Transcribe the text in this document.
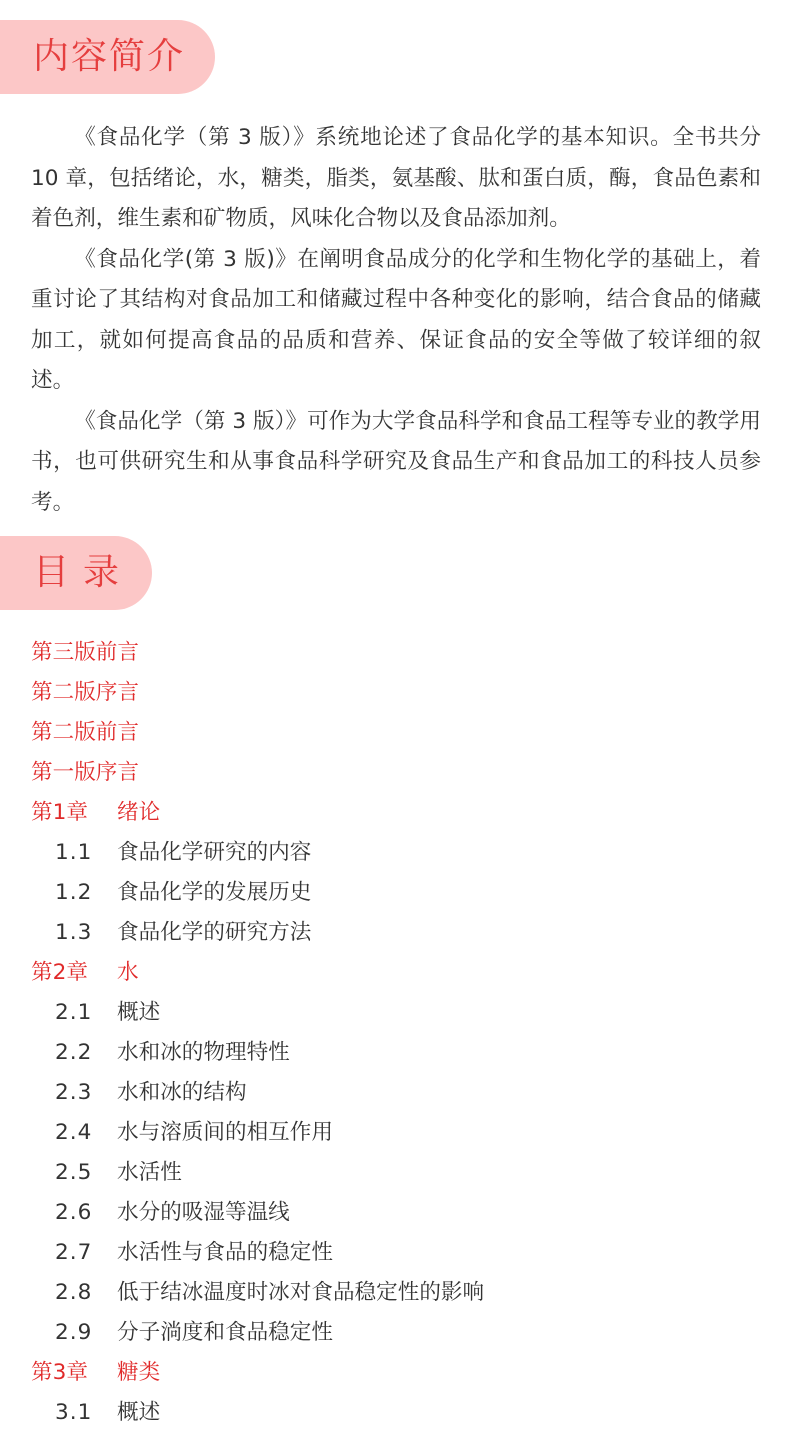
内容简介

《食品化学（第 3 版）》系统地论述了食品化学的基本知识。全书共分 10 章，包括绪论，水，糖类，脂类，氨基酸、肽和蛋白质，酶，食品色素和着色剂，维生素和矿物质，风味化合物以及食品添加剂。

《食品化学(第 3 版)》在阐明食品成分的化学和生物化学的基础上，着重讨论了其结构对食品加工和储藏过程中各种变化的影响，结合食品的储藏加工，就如何提高食品的品质和营养、保证食品的安全等做了较详细的叙述。

《食品化学（第 3 版）》可作为大学食品科学和食品工程等专业的教学用书，也可供研究生和从事食品科学研究及食品生产和食品加工的科技人员参考。

目录
第三版前言
第二版序言
第二版前言
第一版序言
第1章 绪论
1.1 食品化学研究的内容
1.2 食品化学的发展历史
1.3 食品化学的研究方法
第2章 水
2.1 概述
2.2 水和冰的物理特性
2.3 水和冰的结构
2.4 水与溶质间的相互作用
2.5 水活性
2.6 水分的吸湿等温线
2.7 水活性与食品的稳定性
2.8 低于结冰温度时冰对食品稳定性的影响
2.9 分子淌度和食品稳定性
第3章 糖类
3.1 概述
